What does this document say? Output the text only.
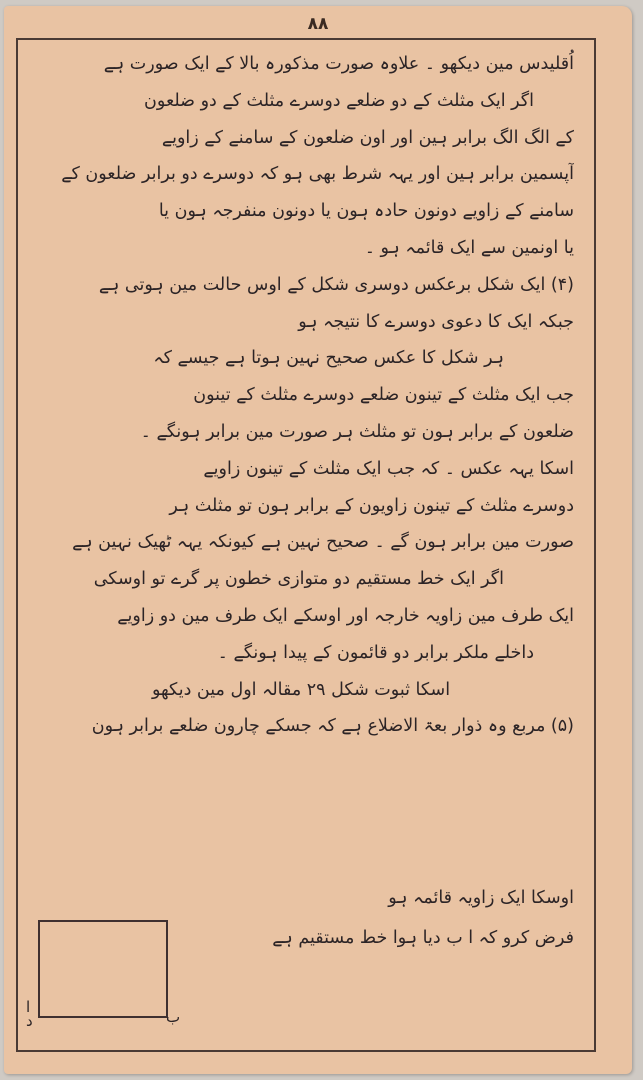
۸۸
اُقلیدس مین دیکھو ۔ علاوہ صورت مذکورہ بالا کے ایک صورت ہے
اگر ایک مثلث کے دو ضلعے دوسرے مثلث کے دو ضلعون
کے الگ الگ برابر ہین اور اون ضلعون کے سامنے کے زاویے
آپسمین برابر ہین اور یہہ شرط بھی ہو کہ دوسرے دو برابر ضلعون کے
سامنے کے زاویے دونون حادہ ہون یا دونون منفرجہ ہون یا
یا اونمین سے ایک قائمہ ہو ۔
(۴) ایک شکل برعکس دوسری شکل کے اوس حالت مین ہوتی ہے
جبکہ ایک کا دعوی دوسرے کا نتیجہ ہو
ہر شکل کا عکس صحیح نہین ہوتا ہے جیسے کہ
جب ایک مثلث کے تینون ضلعے دوسرے مثلث کے تینون
ضلعون کے برابر ہون تو مثلث ہر صورت مین برابر ہونگے ۔
اسکا یہہ عکس ۔ کہ جب ایک مثلث کے تینون زاویے
دوسرے مثلث کے تینون زاویون کے برابر ہون تو مثلث ہر
صورت مین برابر ہون گے ۔ صحیح نہین ہے کیونکہ یہہ ٹھیک نہین ہے
اگر ایک خط مستقیم دو متوازی خطون پر گرے تو اوسکی
ایک طرف مین زاویہ خارجہ اور اوسکے ایک طرف مین دو زاویے
داخلے ملکر برابر دو قائمون کے پیدا ہونگے ۔
اسکا ثبوت شکل ۲۹ مقالہ اول مین دیکھو
(۵) مربع وہ ذوار بعۃ الاضلاع ہے کہ جسکے چارون ضلعے برابر ہون
اوسکا ایک زاویہ قائمہ ہو
فرض کرو کہ ا ب دیا ہوا خط مستقیم ہے
ب
ا
د
